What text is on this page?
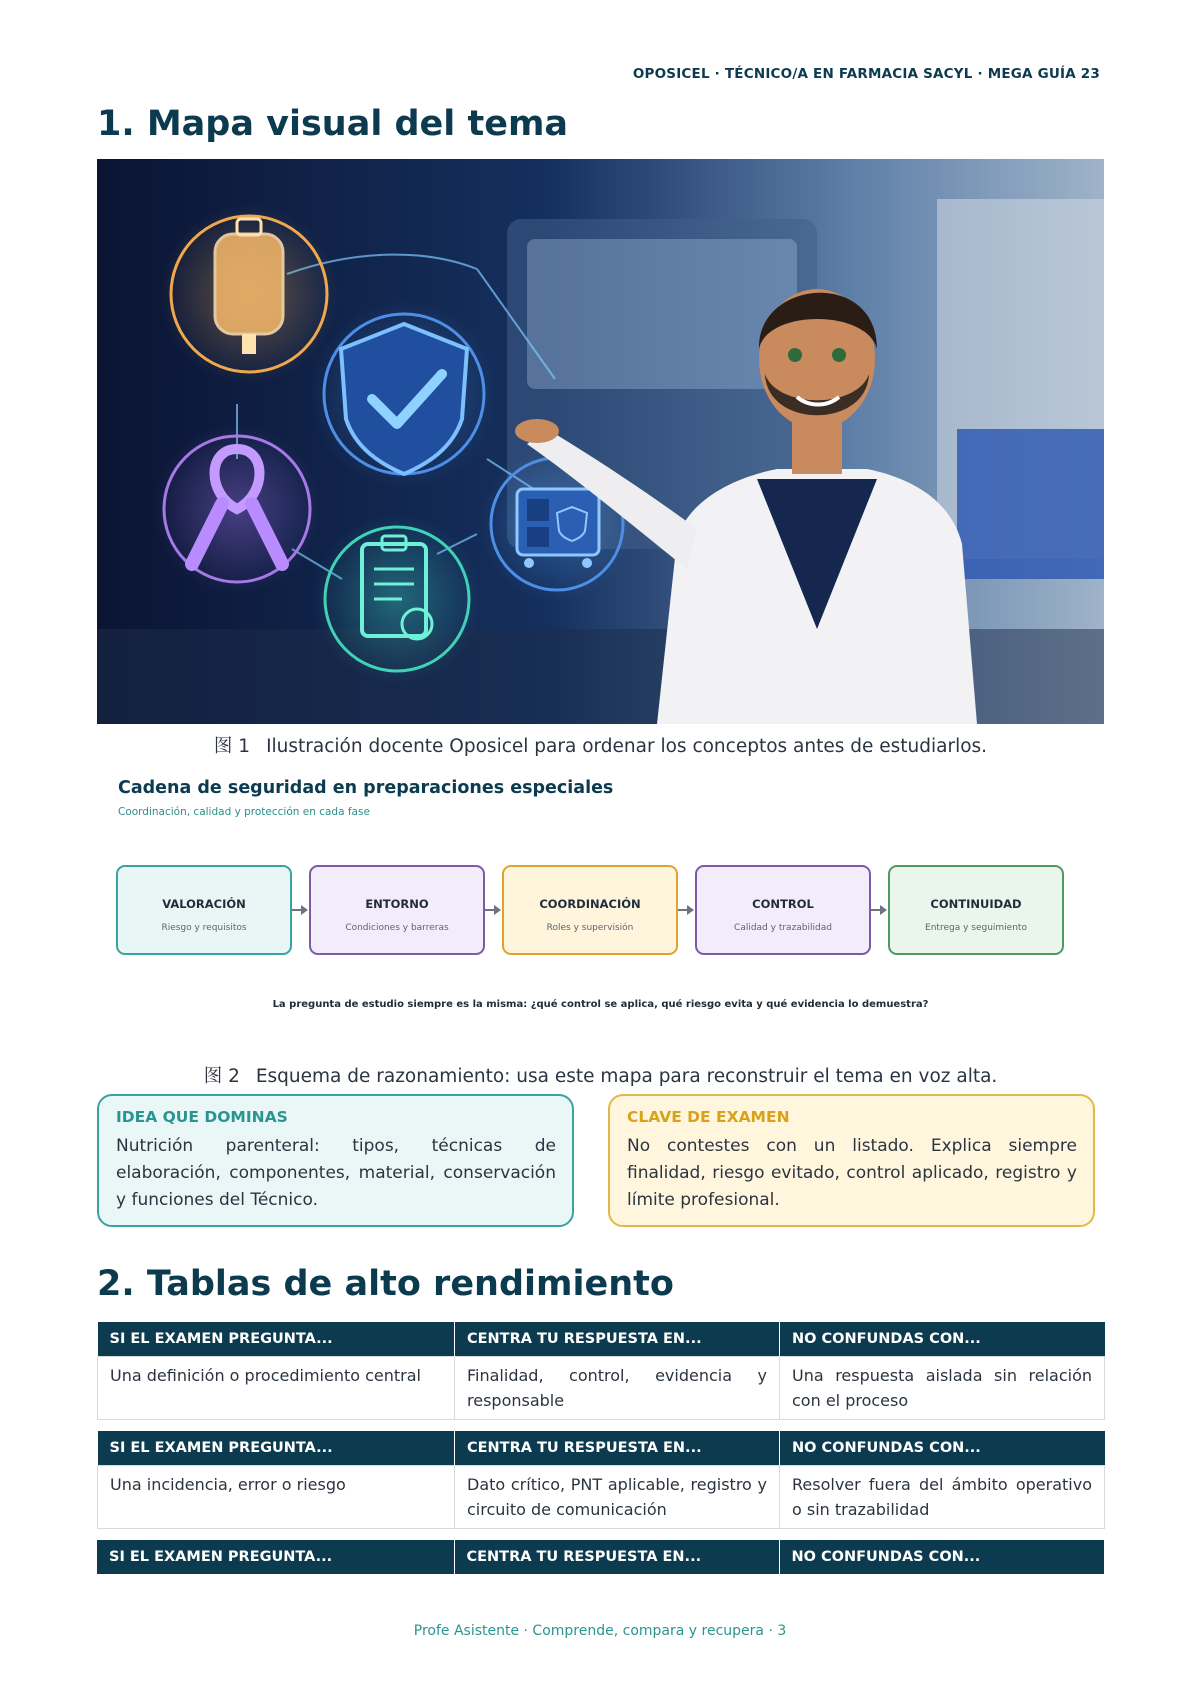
OPOSICEL · TÉCNICO/A EN FARMACIA SACYL · MEGA GUÍA 23
1. Mapa visual del tema
图 1 Ilustración docente Oposicel para ordenar los conceptos antes de estudiarlos.
Cadena de seguridad en preparaciones especiales
Coordinación, calidad y protección en cada fase
VALORACIÓN
Riesgo y requisitos
ENTORNO
Condiciones y barreras
COORDINACIÓN
Roles y supervisión
CONTROL
Calidad y trazabilidad
CONTINUIDAD
Entrega y seguimiento
La pregunta de estudio siempre es la misma: ¿qué control se aplica, qué riesgo evita y qué evidencia lo demuestra?
图 2 Esquema de razonamiento: usa este mapa para reconstruir el tema en voz alta.
IDEA QUE DOMINAS
Nutrición parenteral: tipos, técnicas de elaboración, componentes, material, conservación y funciones del Técnico.
CLAVE DE EXAMEN
No contestes con un listado. Explica siempre finalidad, riesgo evitado, control aplicado, registro y límite profesional.
2. Tablas de alto rendimiento
SI EL EXAMEN PREGUNTA...	CENTRA TU RESPUESTA EN...	NO CONFUNDAS CON...
Una definición o procedimiento central	Finalidad, control, evidencia y responsable	Una respuesta aislada sin relación con el proceso
SI EL EXAMEN PREGUNTA...	CENTRA TU RESPUESTA EN...	NO CONFUNDAS CON...
Una incidencia, error o riesgo	Dato crítico, PNT aplicable, registro y circuito de comunicación	Resolver fuera del ámbito operativo o sin trazabilidad
SI EL EXAMEN PREGUNTA...	CENTRA TU RESPUESTA EN...	NO CONFUNDAS CON...
Profe Asistente · Comprende, compara y recupera · 3
